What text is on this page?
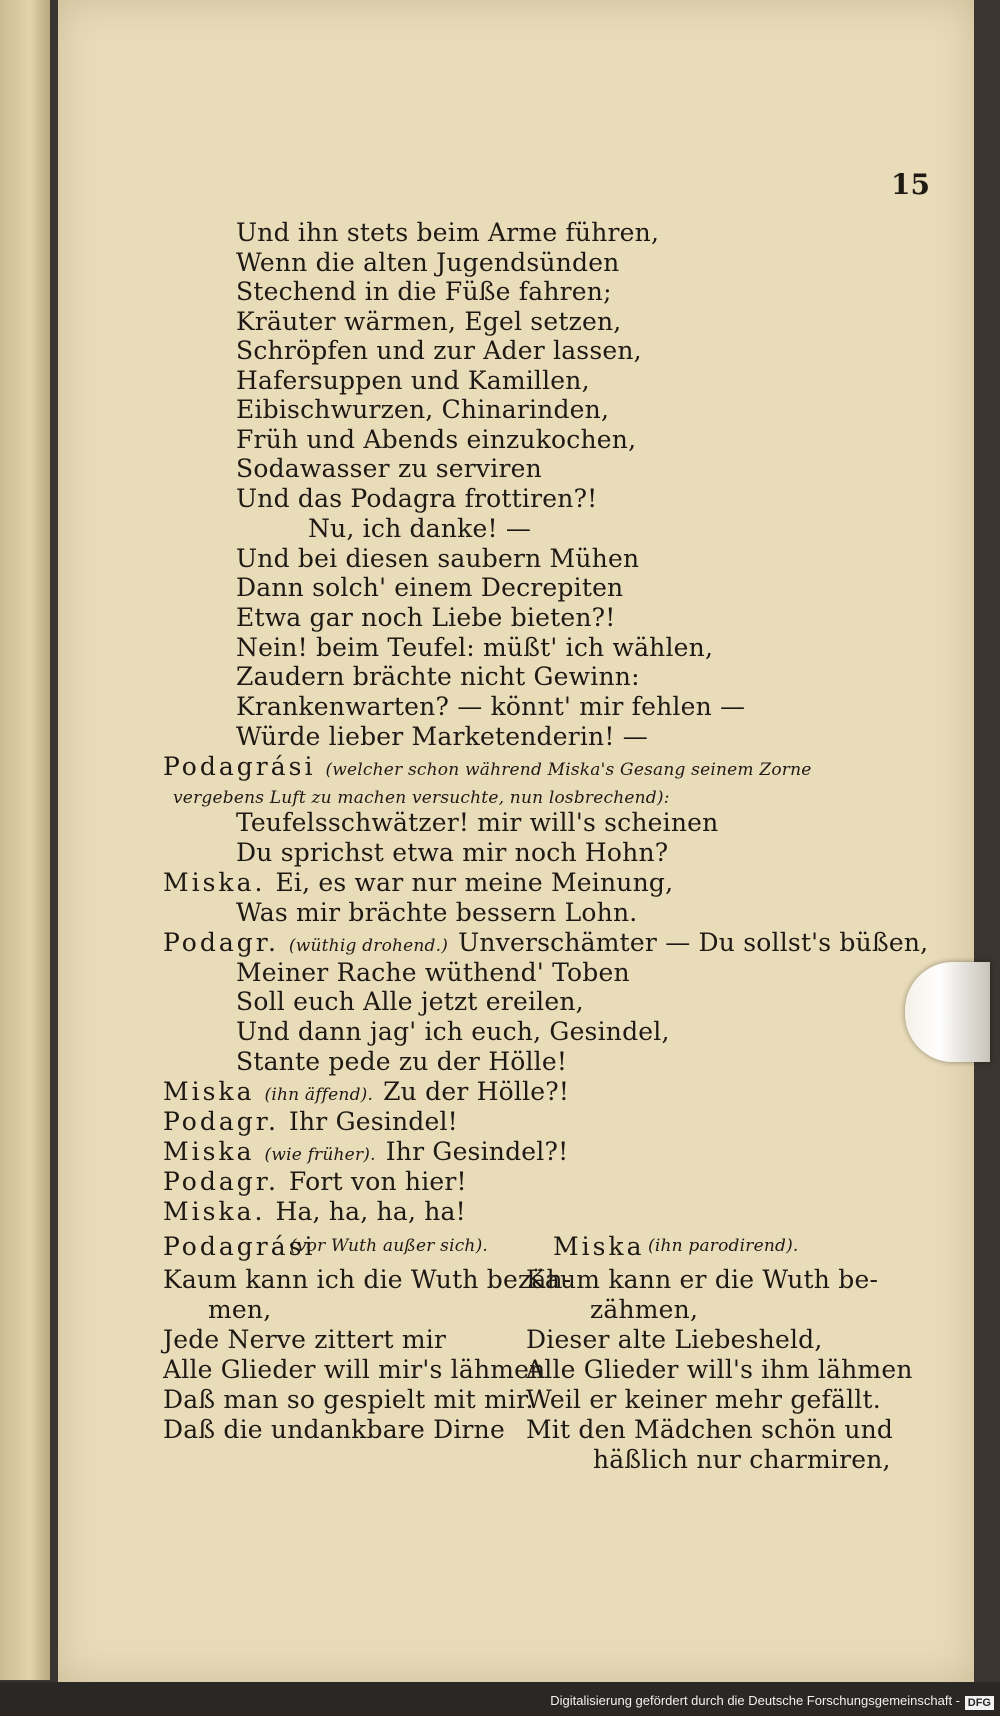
15
Und ihn stets beim Arme führen,
Wenn die alten Jugendsünden
Stechend in die Füße fahren;
Kräuter wärmen, Egel setzen,
Schröpfen und zur Ader lassen,
Hafersuppen und Kamillen,
Eibischwurzen, Chinarinden,
Früh und Abends einzukochen,
Sodawasser zu serviren
Und das Podagra frottiren?!
Nu, ich danke! —
Und bei diesen saubern Mühen
Dann solch' einem Decrepiten
Etwa gar noch Liebe bieten?!
Nein! beim Teufel: müßt' ich wählen,
Zaudern brächte nicht Gewinn:
Krankenwarten? — könnt' mir fehlen —
Würde lieber Marketenderin! —
Podagrási (welcher schon während Miska's Gesang seinem Zorne
vergebens Luft zu machen versuchte, nun losbrechend):
Teufelsschwätzer! mir will's scheinen
Du sprichst etwa mir noch Hohn?
Miska. Ei, es war nur meine Meinung,
Was mir brächte bessern Lohn.
Podagr. (wüthig drohend.) Unverschämter — Du sollst's büßen,
Meiner Rache wüthend' Toben
Soll euch Alle jetzt ereilen,
Und dann jag' ich euch, Gesindel,
Stante pede zu der Hölle!
Miska (ihn äffend). Zu der Hölle?!
Podagr. Ihr Gesindel!
Miska (wie früher). Ihr Gesindel?!
Podagr. Fort von hier!
Miska. Ha, ha, ha, ha!
Podagrási
(vor Wuth außer sich).	Miska (ihn parodirend).
Kaum kann ich die Wuth bezäh-
men,
Jede Nerve zittert mir
Alle Glieder will mir's lähmen
Daß man so gespielt mit mir.
Daß die undankbare Dirne
Kaum kann er die Wuth be-
zähmen,
Dieser alte Liebesheld,
Alle Glieder will's ihm lähmen
Weil er keiner mehr gefällt.
Mit den Mädchen schön und
häßlich nur charmiren,
Digitalisierung gefördert durch die Deutsche Forschungsgemeinschaft - DFG
